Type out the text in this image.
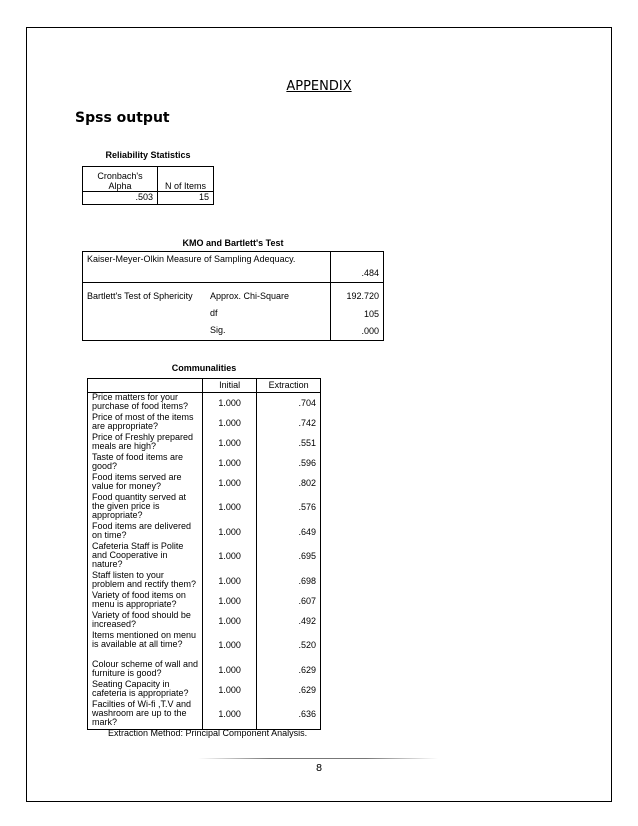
APPENDIX
Spss output
Reliability Statistics
Cronbach's Alpha	N of Items
.503	15
KMO and Bartlett's Test
Kaiser-Meyer-Olkin Measure of Sampling Adequacy.		.484
Bartlett's Test of Sphericity	Approx. Chi-Square	192.720
	df	105
	Sig.	.000
Communalities
	Initial	Extraction
Price matters for your purchase of food items?	1.000	.704
Price of most of the items are appropriate?	1.000	.742
Price of Freshly prepared meals are high?	1.000	.551
Taste of food items are good?	1.000	.596
Food items served are value for money?	1.000	.802
Food quantity served at the given price is appropriate?	1.000	.576
Food items are delivered on time?	1.000	.649
Cafeteria Staff is Polite and Cooperative in nature?	1.000	.695
Staff listen to your problem and rectify them?	1.000	.698
Variety of food items on menu is appropriate?	1.000	.607
Variety of food should be increased?	1.000	.492
Items mentioned on menu is available at all time?	1.000	.520
Colour scheme of wall and furniture is good?	1.000	.629
Seating Capacity in cafeteria is appropriate?	1.000	.629
Facilties of Wi-fi ,T.V and washroom are up to the mark?	1.000	.636
Extraction Method: Principal Component Analysis.
8
